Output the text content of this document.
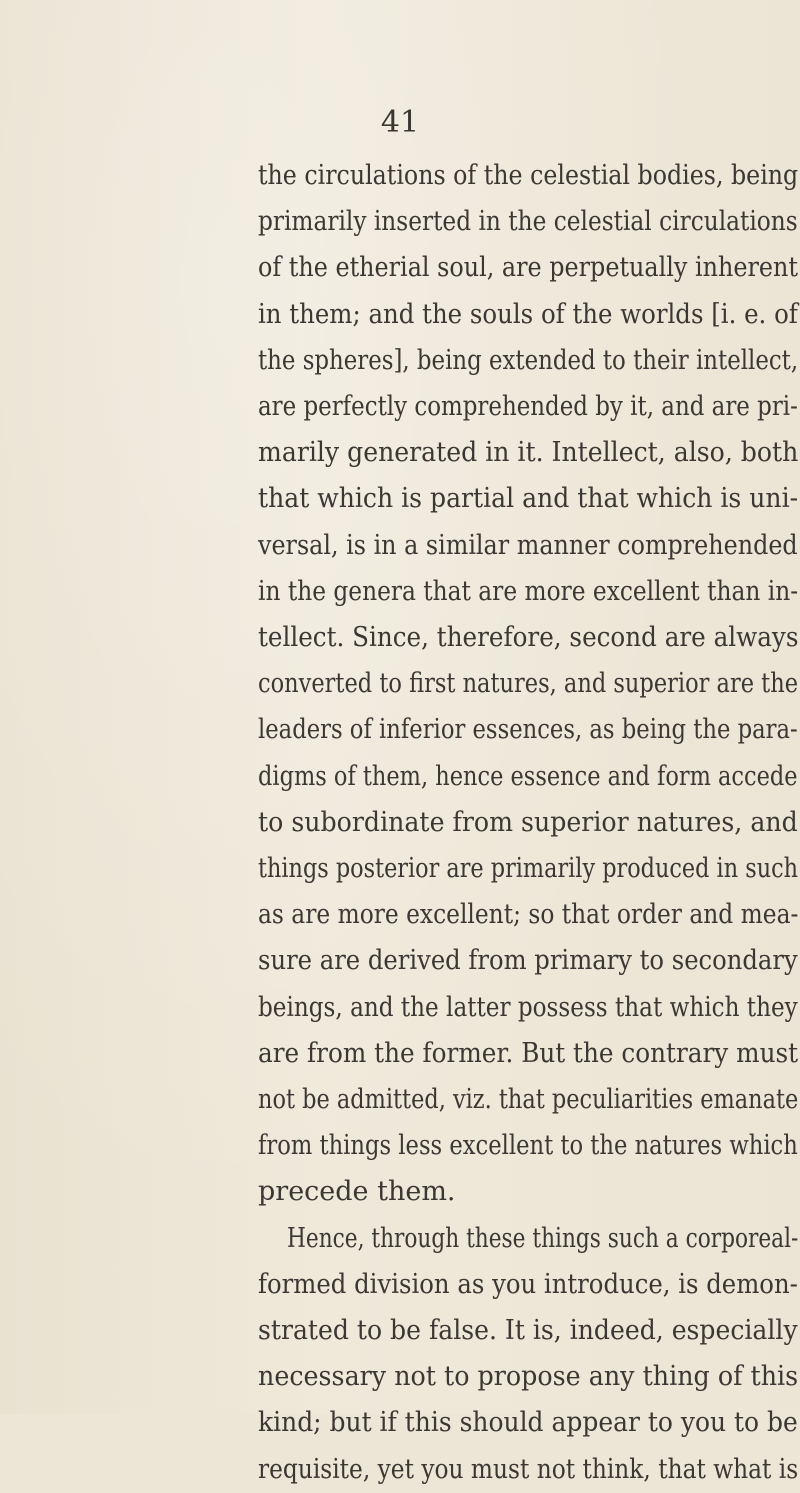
41
the circulations of the celestial bodies, being
primarily inserted in the celestial circulations
of the etherial soul, are perpetually inherent
in them; and the souls of the worlds [i. e. of
the spheres], being extended to their intellect,
are perfectly comprehended by it, and are pri-
marily generated in it. Intellect, also, both
that which is partial and that which is uni-
versal, is in a similar manner comprehended
in the genera that are more excellent than in-
tellect. Since, therefore, second are always
converted to first natures, and superior are the
leaders of inferior essences, as being the para-
digms of them, hence essence and form accede
to subordinate from superior natures, and
things posterior are primarily produced in such
as are more excellent; so that order and mea-
sure are derived from primary to secondary
beings, and the latter possess that which they
are from the former. But the contrary must
not be admitted, viz. that peculiarities emanate
from things less excellent to the natures which
precede them.
Hence, through these things such a corporeal-
formed division as you introduce, is demon-
strated to be false. It is, indeed, especially
necessary not to propose any thing of this
kind; but if this should appear to you to be
requisite, yet you must not think, that what is
